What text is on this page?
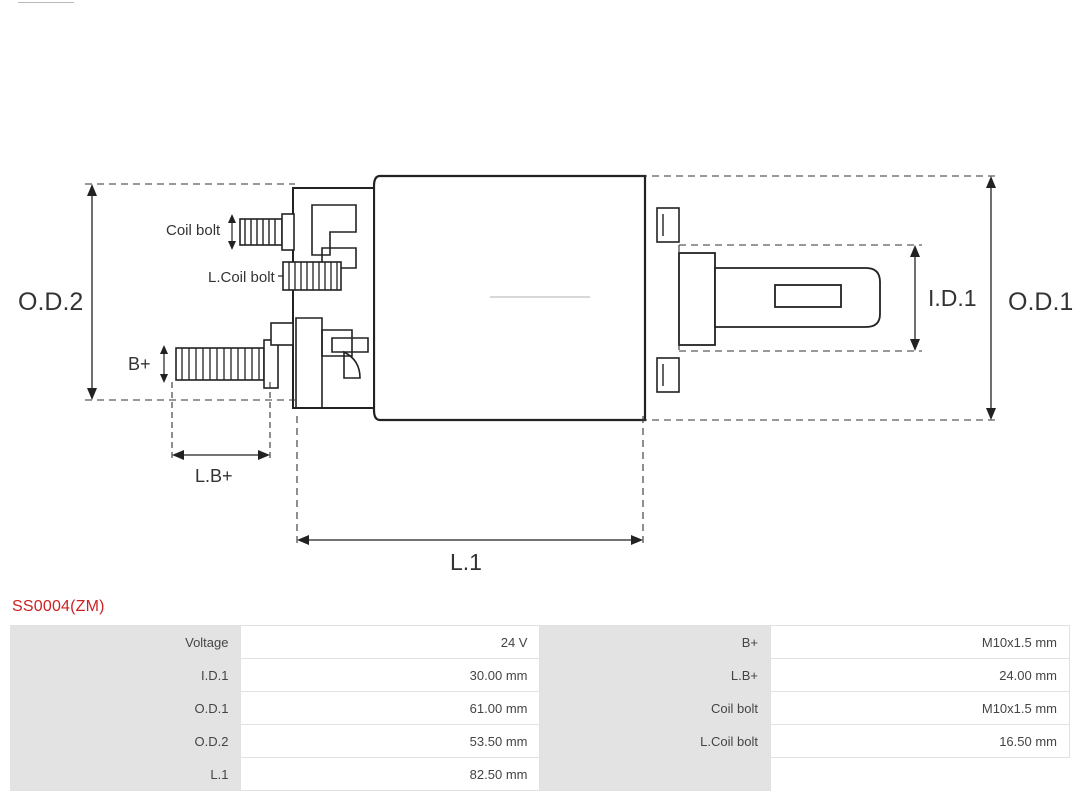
O.D.2	O.D.1
I.D.1
L.1
L.B+
B+
Coil bolt
L.Coil bolt
SS0004(ZM)
Voltage	24 V	B+	M10x1.5 mm
I.D.1	30.00 mm	L.B+	24.00 mm
O.D.1	61.00 mm	Coil bolt	M10x1.5 mm
O.D.2	53.50 mm	L.Coil bolt	16.50 mm
L.1	82.50 mm		
